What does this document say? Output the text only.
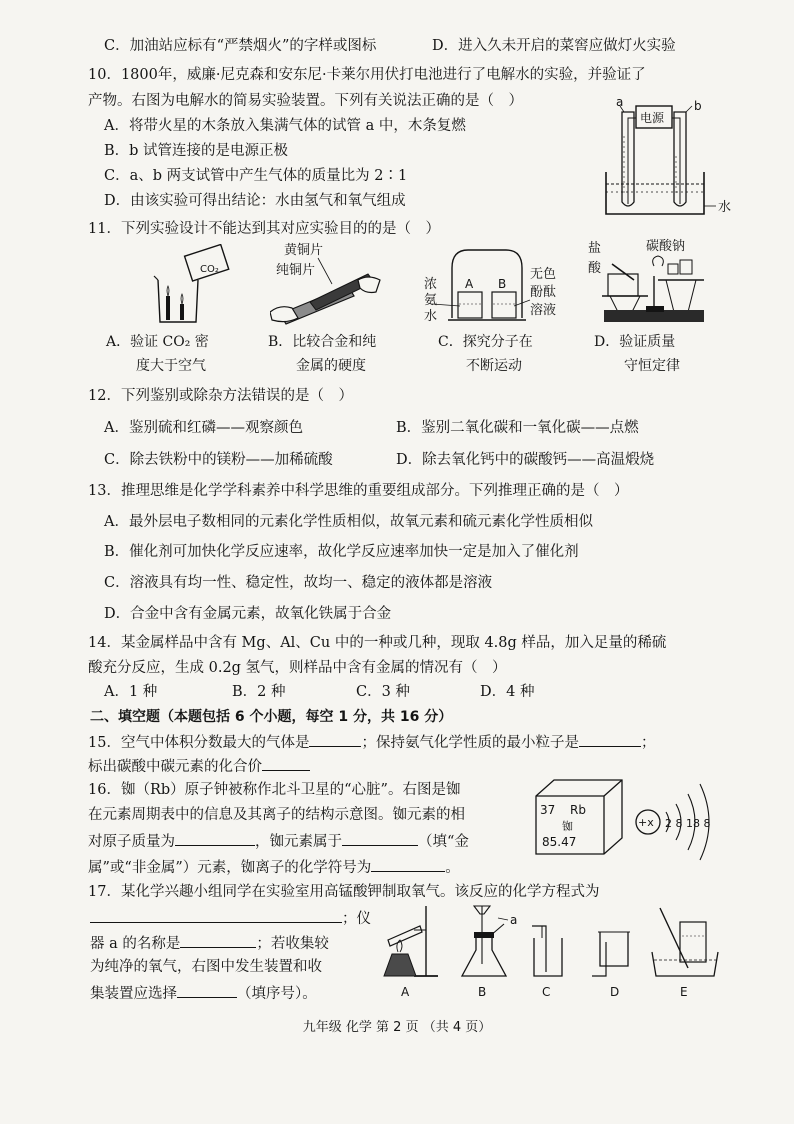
C．加油站应标有“严禁烟火”的字样或图标	D．进入久未开启的菜窖应做灯火实验
10．1800年，威廉·尼克森和安东尼·卡莱尔用伏打电池进行了电解水的实验，并验证了
产物。右图为电解水的简易实验装置。下列有关说法正确的是（　）
A．将带火星的木条放入集满气体的试管 a 中，木条复燃
B．b 试管连接的是电源正极
C．a、b 两支试管中产生气体的质量比为 2∶1
D．由该实验可得出结论：水由氢气和氧气组成
电源
a	b
水
11．下列实验设计不能达到其对应实验目的的是（　）
CO₂
黄铜片
纯铜片
浓
氨
水
A B
无色
酚酞
溶液
盐
酸
碳酸钠
A．验证 CO₂ 密
度大于空气
B．比较合金和纯
金属的硬度
C．探究分子在
不断运动
D．验证质量
守恒定律
12．下列鉴别或除杂方法错误的是（　）
A．鉴别硫和红磷——观察颜色	B．鉴别二氧化碳和一氧化碳——点燃
C．除去铁粉中的镁粉——加稀硫酸	D．除去氧化钙中的碳酸钙——高温煅烧
13．推理思维是化学学科素养中科学思维的重要组成部分。下列推理正确的是（　）
A．最外层电子数相同的元素化学性质相似，故氧元素和硫元素化学性质相似
B．催化剂可加快化学反应速率，故化学反应速率加快一定是加入了催化剂
C．溶液具有均一性、稳定性，故均一、稳定的液体都是溶液
D．合金中含有金属元素，故氧化铁属于合金
14．某金属样品中含有 Mg、Al、Cu 中的一种或几种，现取 4.8g 样品，加入足量的稀硫
酸充分反应，生成 0.2g 氢气，则样品中含有金属的情况有（　）
A．1 种	B．2 种	C．3 种	D．4 种
二、填空题（本题包括 6 个小题，每空 1 分，共 16 分）
15．空气中体积分数最大的气体是	；保持氨气化学性质的最小粒子是	；
标出碳酸中碳元素的化合价
16．铷（Rb）原子钟被称作北斗卫星的“心脏”。右图是铷
在元素周期表中的信息及其离子的结构示意图。铷元素的相
对原子质量为	，铷元素属于	（填“金
属”或“非金属”）元素，铷离子的化学符号为	。
37 Rb
铷
85.47
+x 2 8 18 8
17．某化学兴趣小组同学在实验室用高锰酸钾制取氧气。该反应的化学方程式为
；仪
器 a 的名称是	；若收集较
为纯净的氧气，右图中发生装置和收
集装置应选择	（填序号）。	A
a
B	C	D	E
九年级 化学 第 2 页 （共 4 页）
